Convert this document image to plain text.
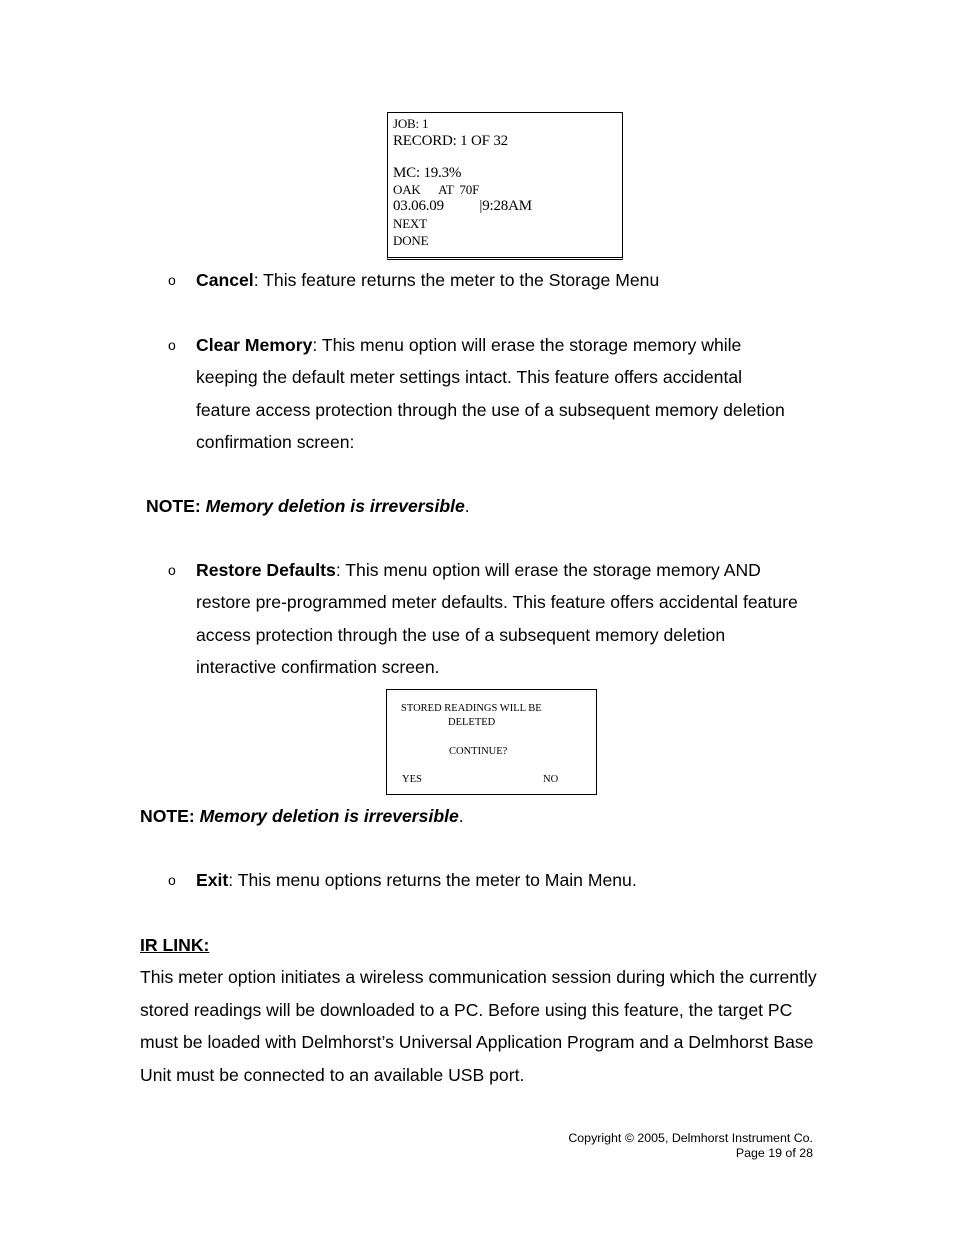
JOB: 1
RECORD: 1 OF 32
MC: 19.3%
OAK      AT  70F
03.06.09          |9:28AM
NEXT
DONE
o Cancel: This feature returns the meter to the Storage Menu
o Clear Memory: This menu option will erase the storage memory while keeping the default meter settings intact. This feature offers accidental feature access protection through the use of a subsequent memory deletion confirmation screen:
NOTE: Memory deletion is irreversible.
o Restore Defaults: This menu option will erase the storage memory AND restore pre-programmed meter defaults. This feature offers accidental feature access protection through the use of a subsequent memory deletion interactive confirmation screen.
STORED READINGS WILL BE
DELETED
CONTINUE?
YES	NO
NOTE: Memory deletion is irreversible.
o Exit: This menu options returns the meter to Main Menu.
IR LINK:
This meter option initiates a wireless communication session during which the currently stored readings will be downloaded to a PC. Before using this feature, the target PC must be loaded with Delmhorst’s Universal Application Program and a Delmhorst Base Unit must be connected to an available USB port.
Copyright © 2005, Delmhorst Instrument Co.
Page 19 of 28
